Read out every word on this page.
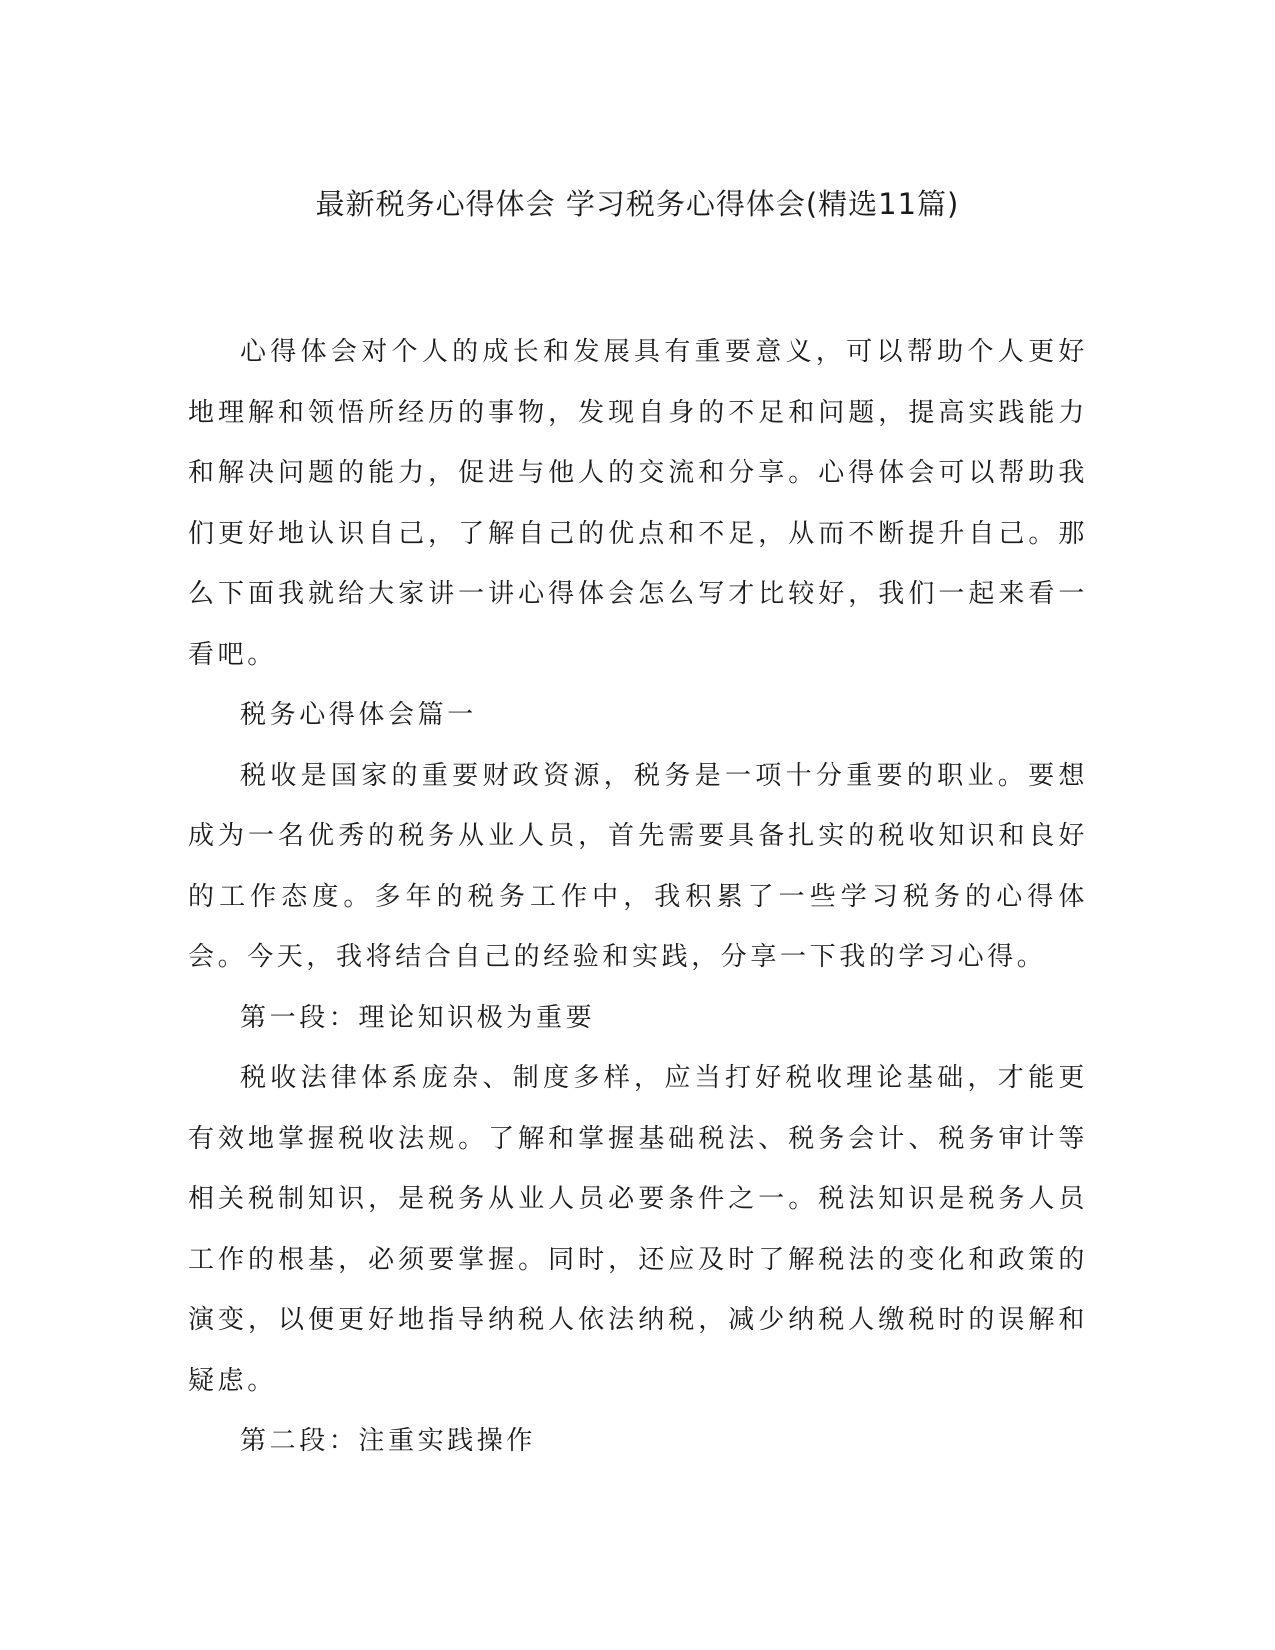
最新税务心得体会 学习税务心得体会(精选11篇)

心得体会对个人的成长和发展具有重要意义，可以帮助个人更好地理解和领悟所经历的事物，发现自身的不足和问题，提高实践能力和解决问题的能力，促进与他人的交流和分享。心得体会可以帮助我们更好地认识自己，了解自己的优点和不足，从而不断提升自己。那么下面我就给大家讲一讲心得体会怎么写才比较好，我们一起来看一看吧。

税务心得体会篇一

税收是国家的重要财政资源，税务是一项十分重要的职业。要想成为一名优秀的税务从业人员，首先需要具备扎实的税收知识和良好的工作态度。多年的税务工作中，我积累了一些学习税务的心得体会。今天，我将结合自己的经验和实践，分享一下我的学习心得。

第一段：理论知识极为重要

税收法律体系庞杂、制度多样，应当打好税收理论基础，才能更有效地掌握税收法规。了解和掌握基础税法、税务会计、税务审计等相关税制知识，是税务从业人员必要条件之一。税法知识是税务人员工作的根基，必须要掌握。同时，还应及时了解税法的变化和政策的演变，以便更好地指导纳税人依法纳税，减少纳税人缴税时的误解和疑虑。

第二段：注重实践操作
